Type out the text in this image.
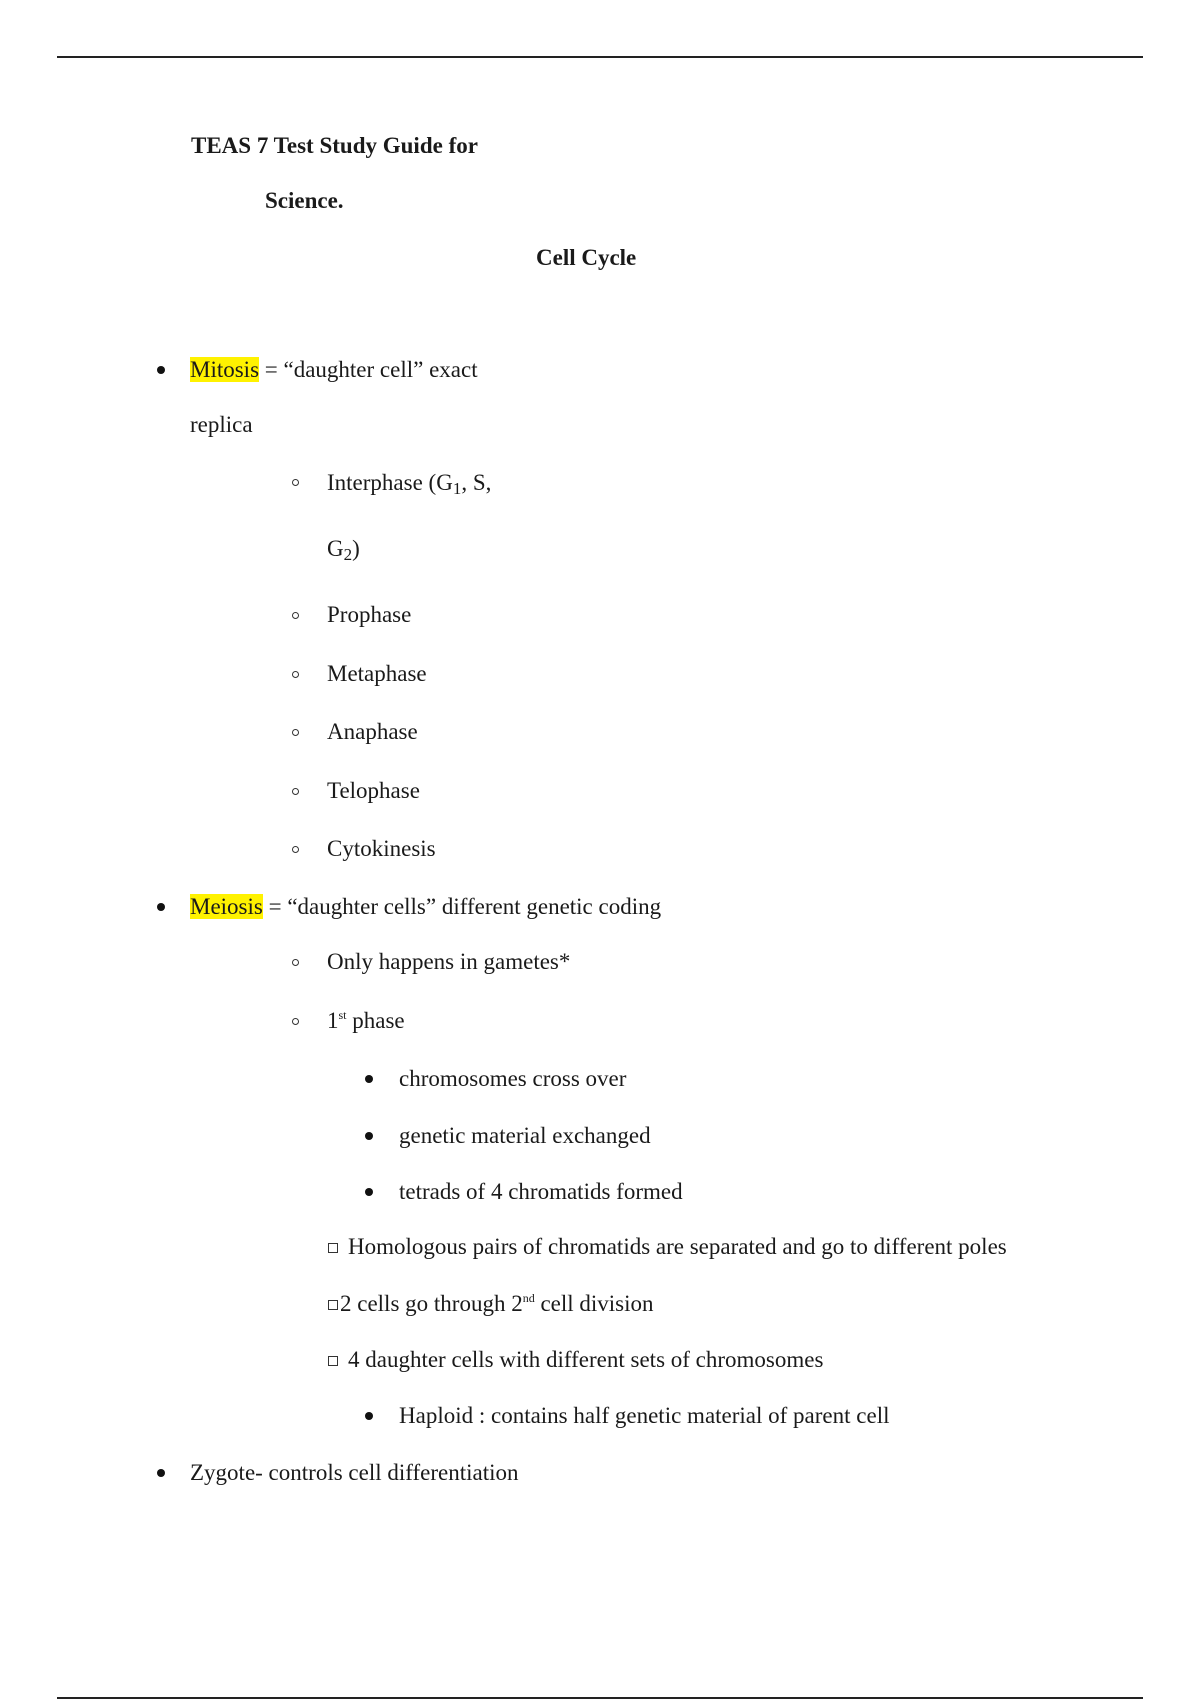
TEAS 7 Test Study Guide for
Science.
Cell Cycle
Mitosis = “daughter cell” exact
replica
Interphase ($G_1$, S,
$G_2$)
Prophase
Metaphase
Anaphase
Telophase
Cytokinesis
Meiosis = “daughter cells” different genetic coding
Only happens in gametes*
1st phase
chromosomes cross over
genetic material exchanged
tetrads of 4 chromatids formed
Homologous pairs of chromatids are separated and go to different poles
2 cells go through 2nd cell division
4 daughter cells with different sets of chromosomes
Haploid : contains half genetic material of parent cell
Zygote- controls cell differentiation
